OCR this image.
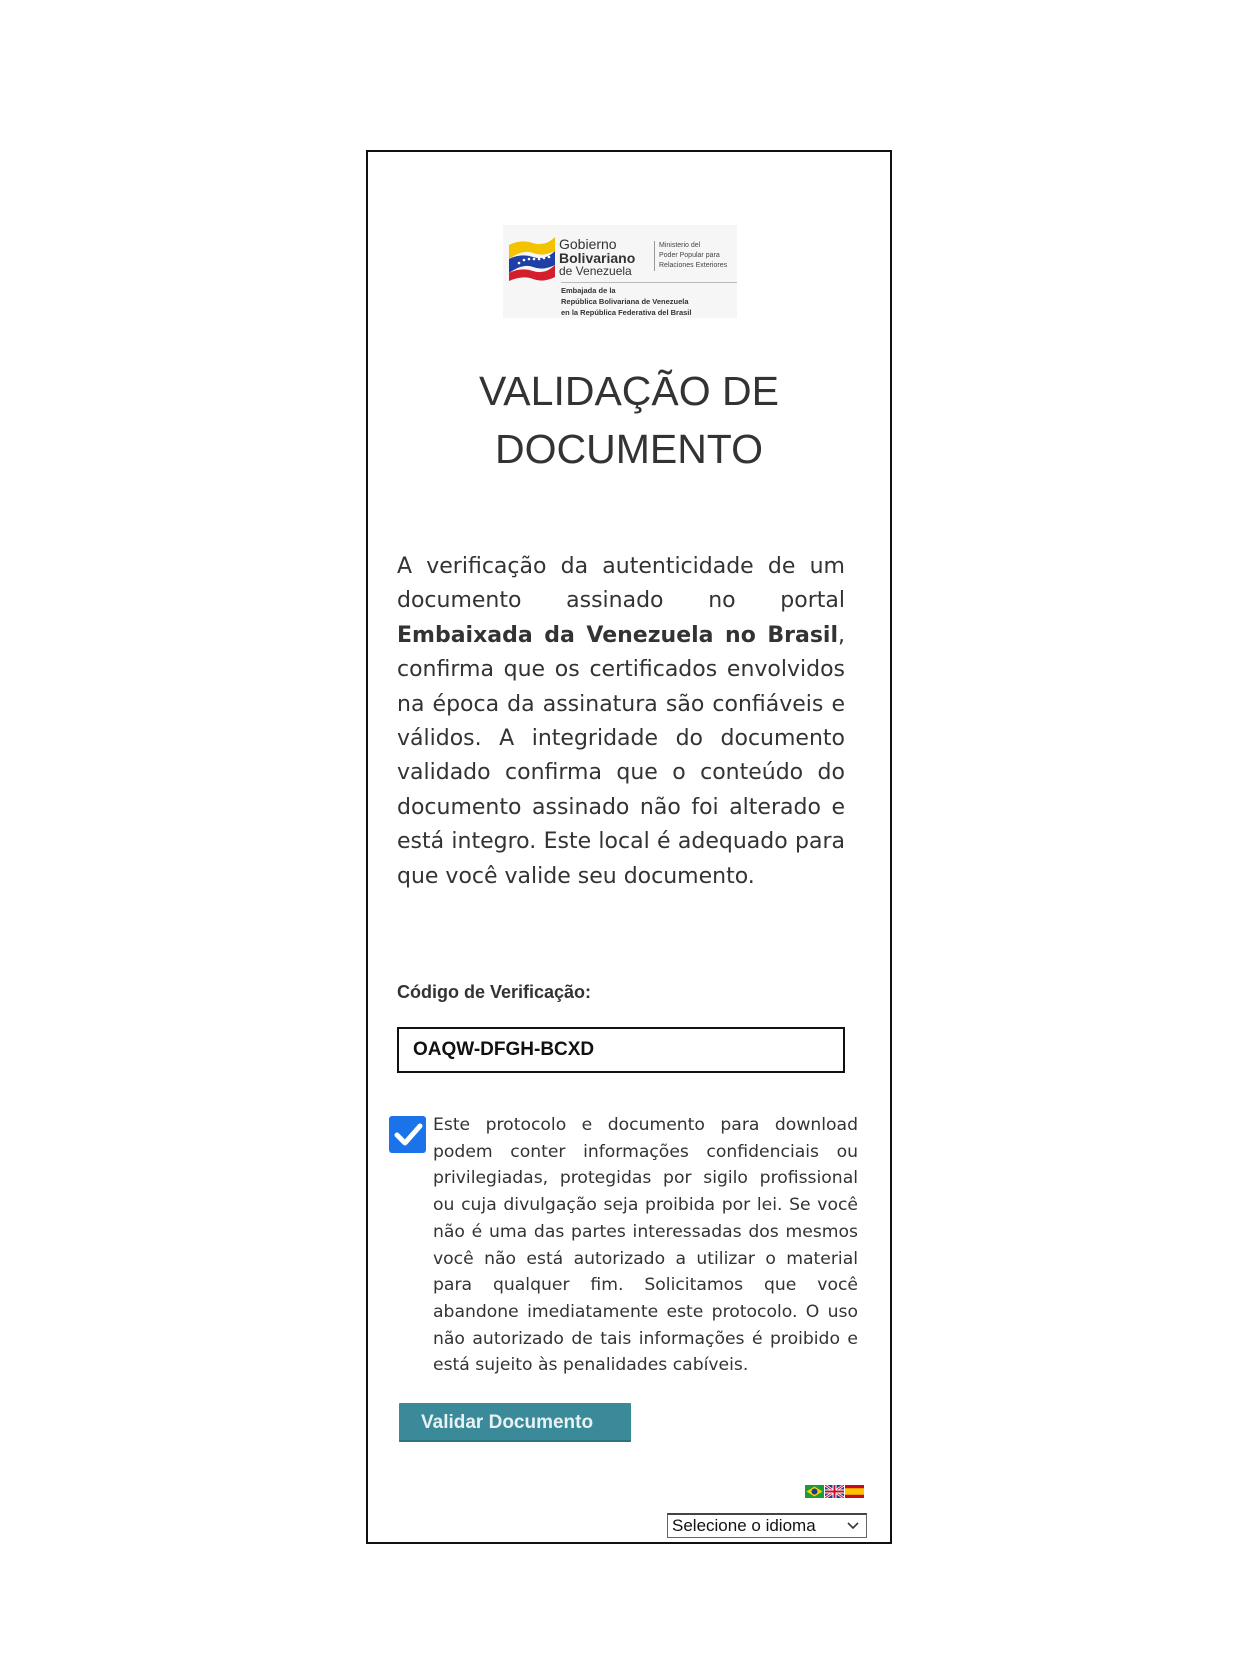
Gobierno
Bolivariano
de Venezuela
Ministerio del
Poder Popular para
Relaciones Exteriores
Embajada de la
República Bolivariana de Venezuela
en la República Federativa del Brasil
VALIDAÇÃO DE
DOCUMENTO

A verificação da autenticidade de um documento assinado no portal Embaixada da Venezuela no Brasil, confirma que os certificados envolvidos na época da assinatura são confiáveis e válidos. A integridade do documento validado confirma que o conteúdo do documento assinado não foi alterado e está integro. Este local é adequado para que você valide seu documento.

Código de Verificação:
OAQW-DFGH-BCXD

Este protocolo e documento para download podem conter informações confidenciais ou privilegiadas, protegidas por sigilo profissional ou cuja divulgação seja proibida por lei. Se você não é uma das partes interessadas dos mesmos você não está autorizado a utilizar o material para qualquer fim. Solicitamos que você abandone imediatamente este protocolo. O uso não autorizado de tais informações é proibido e está sujeito às penalidades cabíveis.

Validar Documento
Selecione o idioma
